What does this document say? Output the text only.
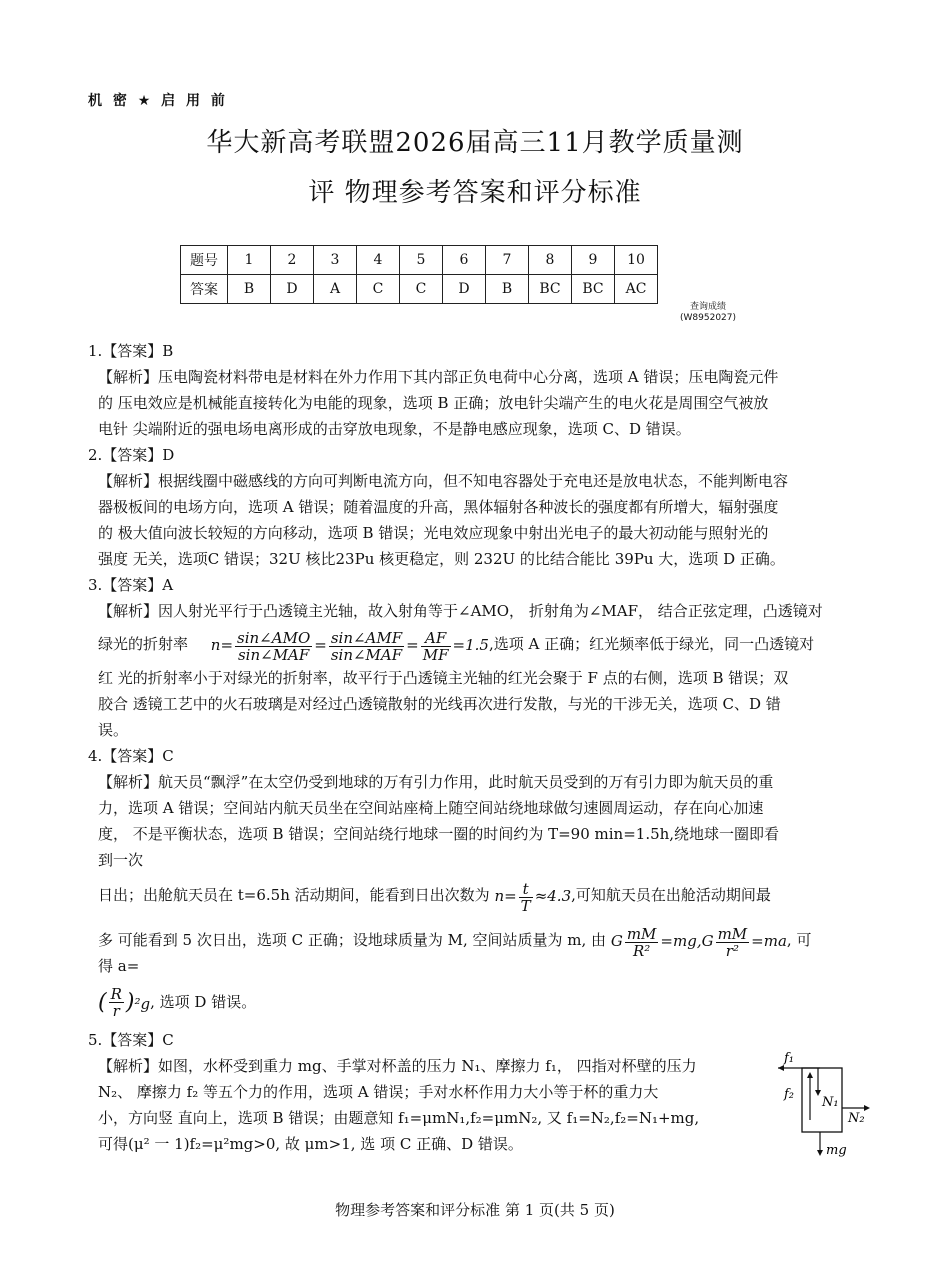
机 密 ★ 启 用 前
华大新高考联盟2026届高三11月教学质量测
评 物理参考答案和评分标准
题号	1	2	3	4	5	6	7	8	9	10
答案	B	D	A	C	C	D	B	BC	BC	AC
查询成绩
(W8952027)

1.【答案】B

【解析】压电陶瓷材料带电是材料在外力作用下其内部正负电荷中心分离，选项 A 错误；压电陶瓷元件

的 压电效应是机械能直接转化为电能的现象，选项 B 正确；放电针尖端产生的电火花是周围空气被放

电针 尖端附近的强电场电离形成的击穿放电现象，不是静电感应现象，选项 C、D 错误。

2.【答案】D

【解析】根据线圈中磁感线的方向可判断电流方向，但不知电容器处于充电还是放电状态，不能判断电容

器极板间的电场方向，选项 A 错误；随着温度的升高，黑体辐射各种波长的强度都有所增大，辐射强度

的 极大值向波长较短的方向移动，选项 B 错误；光电效应现象中射出光电子的最大初动能与照射光的

强度 无关，选项C 错误；32U 核比23Pu 核更稳定，则 232U 的比结合能比 39Pu 大，选项 D 正确。

3.【答案】A

【解析】因人射光平行于凸透镜主光轴，故入射角等于∠AMO， 折射角为∠MAF， 结合正弦定理，凸透镜对

绿光的折射率 $n= \frac{\text{sin∠AMO}}{\text{sin∠MAF}} = \frac{\text{sin∠AMF}}{\text{sin∠MAF}} = \frac{AF}{MF} =1.5$,选项 A 正确；红光频率低于绿光，同一凸透镜对

红 光的折射率小于对绿光的折射率，故平行于凸透镜主光轴的红光会聚于 F 点的右侧，选项 B 错误；双

胶合 透镜工艺中的火石玻璃是对经过凸透镜散射的光线再次进行发散，与光的干涉无关，选项 C、D 错

误。

4.【答案】C

【解析】航天员“飘浮”在太空仍受到地球的万有引力作用，此时航天员受到的万有引力即为航天员的重

力，选项 A 错误；空间站内航天员坐在空间站座椅上随空间站绕地球做匀速圆周运动，存在向心加速

度， 不是平衡状态，选项 B 错误；空间站绕行地球一圈的时间约为 T=90 min=1.5h,绕地球一圈即看

到一次

日出；出舱航天员在 t=6.5h 活动期间，能看到日出次数为 $n= \frac{t}{T} \approx 4.3$,可知航天员在出舱活动期间最

多 可能看到 5 次日出，选项 C 正确；设地球质量为 M, 空间站质量为 m, 由 G $\frac{mM}{\text{R²}} =mg,G \frac{mM}{\text{r²}} =ma$, 可

得 a=

( $\frac{R}{r} )^2g$, 选项 D 错误。

5.【答案】C

【解析】如图，水杯受到重力 mg、手掌对杯盖的压力 N₁、摩擦力 f₁， 四指对杯壁的压力

N₂、 摩擦力 f₂ 等五个力的作用，选项 A 错误；手对水杯作用力大小等于杯的重力大

小，方向竖 直向上，选项 B 错误；由题意知 f₁=μmN₁,f₂=μmN₂, 又 f₁=N₂,f₂=N₁+mg,

可得(μ² 一 1)f₂=μ²mg>0, 故 μm>1, 选 项 C 正确、D 错误。

f₁
f₂
N₁
N₂
mg
物理参考答案和评分标准 第 1 页(共 5 页)
